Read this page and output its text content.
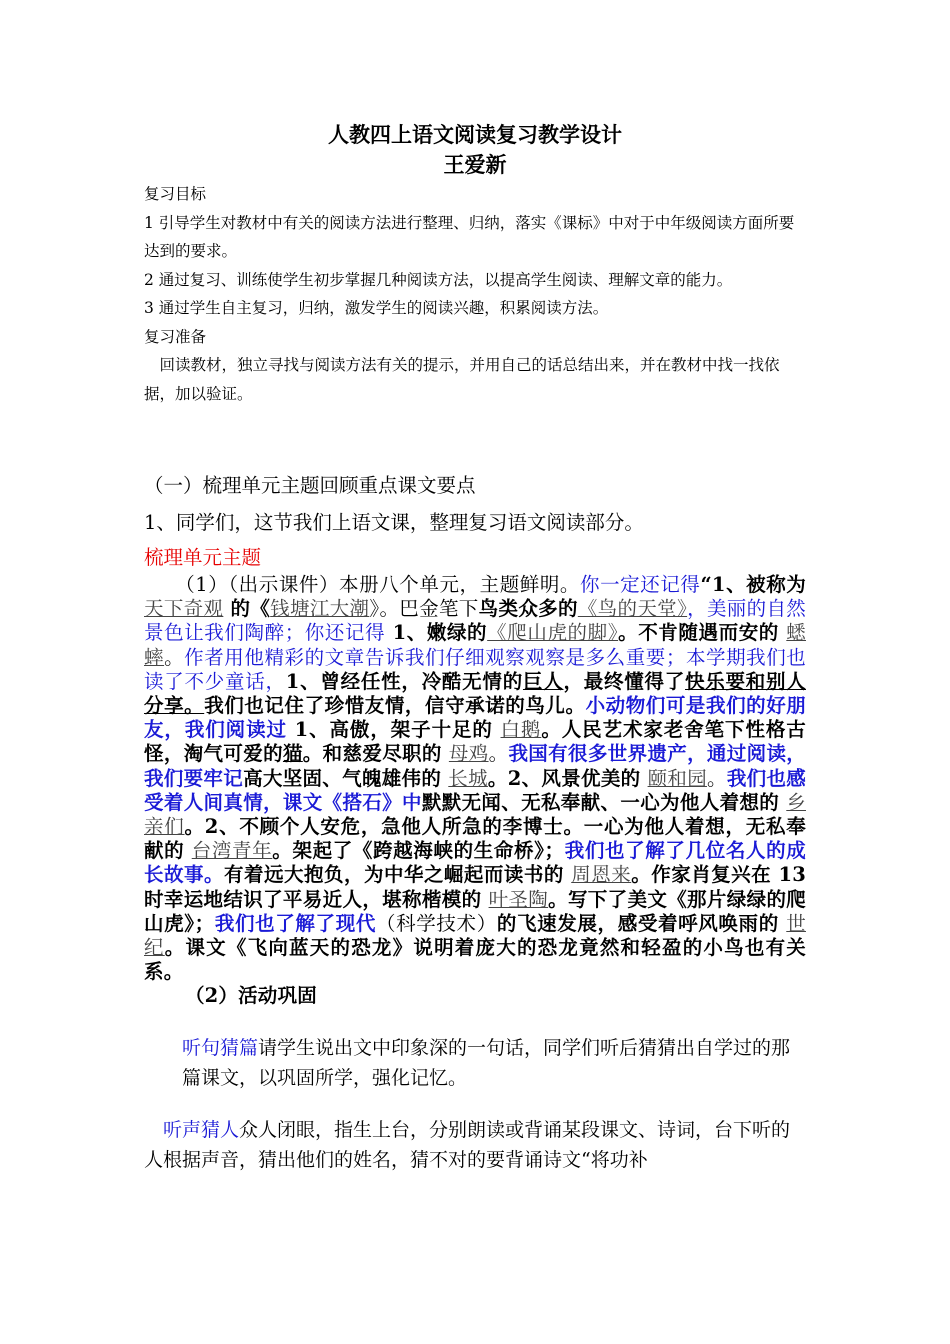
人教四上语文阅读复习教学设计

王爱新

复习目标

1 引导学生对教材中有关的阅读方法进行整理、归纳，落实《课标》中对于中年级阅读方面所要达到的要求。

2 通过复习、训练使学生初步掌握几种阅读方法，以提高学生阅读、理解文章的能力。

3 通过学生自主复习，归纳，激发学生的阅读兴趣，积累阅读方法。

复习准备

回读教材，独立寻找与阅读方法有关的提示，并用自己的话总结出来，并在教材中找一找依据，加以验证。

（一）梳理单元主题回顾重点课文要点

1、同学们，这节我们上语文课，整理复习语文阅读部分。

梳理单元主题

（1）（出示课件）本册八个单元，主题鲜明。你一定还记得“1、被称为 天下奇观 的《钱塘江大潮》。巴金笔下鸟类众多的《鸟的天堂》，美丽的自然景色让我们陶醉；你还记得 1、嫩绿的《爬山虎的脚》。不肯随遇而安的 蟋蟀。作者用他精彩的文章告诉我们仔细观察观察是多么重要；本学期我们也读了不少童话，1、曾经任性，冷酷无情的巨人，最终懂得了快乐要和别人分享。我们也记住了珍惜友情，信守承诺的鸟儿。小动物们可是我们的好朋友，我们阅读过 1、高傲，架子十足的 白鹅。人民艺术家老舍笔下性格古怪，淘气可爱的猫。和慈爱尽职的 母鸡。我国有很多世界遗产，通过阅读，我们要牢记高大坚固、气魄雄伟的 长城。2、风景优美的 颐和园。我们也感受着人间真情，课文《搭石》中默默无闻、无私奉献、一心为他人着想的 乡亲们。2、不顾个人安危，急他人所急的李博士。一心为他人着想，无私奉献的 台湾青年。架起了《跨越海峡的生命桥》；我们也了解了几位名人的成长故事。有着远大抱负，为中华之崛起而读书的 周恩来。作家肖复兴在 13 时幸运地结识了平易近人，堪称楷模的 叶圣陶。写下了美文《那片绿绿的爬山虎》；我们也了解了现代（科学技术）的飞速发展，感受着呼风唤雨的 世纪。课文《飞向蓝天的恐龙》说明着庞大的恐龙竟然和轻盈的小鸟也有关系。

（2）活动巩固

听句猜篇请学生说出文中印象深的一句话，同学们听后猜猜出自学过的那篇课文，以巩固所学，强化记忆。

听声猜人众人闭眼，指生上台，分别朗读或背诵某段课文、诗词，台下听的人根据声音，猜出他们的姓名，猜不对的要背诵诗文“将功补
